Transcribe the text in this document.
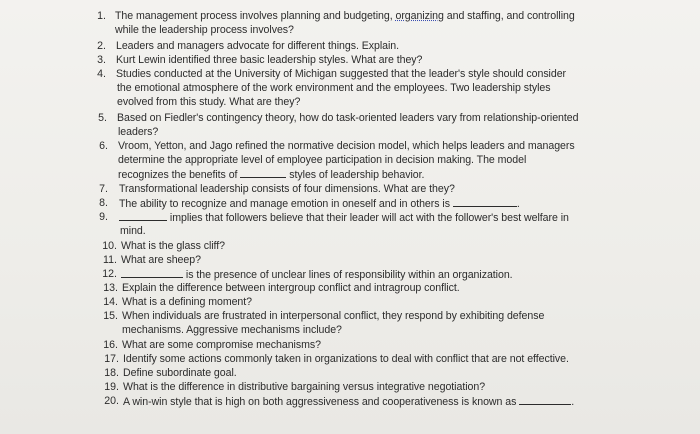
1. The management process involves planning and budgeting, organizing and staffing, and controlling
while the leadership process involves?
2. Leaders and managers advocate for different things. Explain.
3. Kurt Lewin identified three basic leadership styles. What are they?
4. Studies conducted at the University of Michigan suggested that the leader's style should consider
the emotional atmosphere of the work environment and the employees. Two leadership styles
evolved from this study. What are they?
5. Based on Fiedler's contingency theory, how do task-oriented leaders vary from relationship-oriented
leaders?
6. Vroom, Yetton, and Jago refined the normative decision model, which helps leaders and managers
determine the appropriate level of employee participation in decision making. The model
recognizes the benefits of	styles of leadership behavior.
7. Transformational leadership consists of four dimensions. What are they?
8. The ability to recognize and manage emotion in oneself and in others is	.
9.	implies that followers believe that their leader will act with the follower's best welfare in
mind.
10. What is the glass cliff?
11. What are sheep?
12.	is the presence of unclear lines of responsibility within an organization.
13. Explain the difference between intergroup conflict and intragroup conflict.
14. What is a defining moment?
15. When individuals are frustrated in interpersonal conflict, they respond by exhibiting defense
mechanisms. Aggressive mechanisms include?
16. What are some compromise mechanisms?
17. Identify some actions commonly taken in organizations to deal with conflict that are not effective.
18. Define subordinate goal.
19. What is the difference in distributive bargaining versus integrative negotiation?
20. A win-win style that is high on both aggressiveness and cooperativeness is known as	.
